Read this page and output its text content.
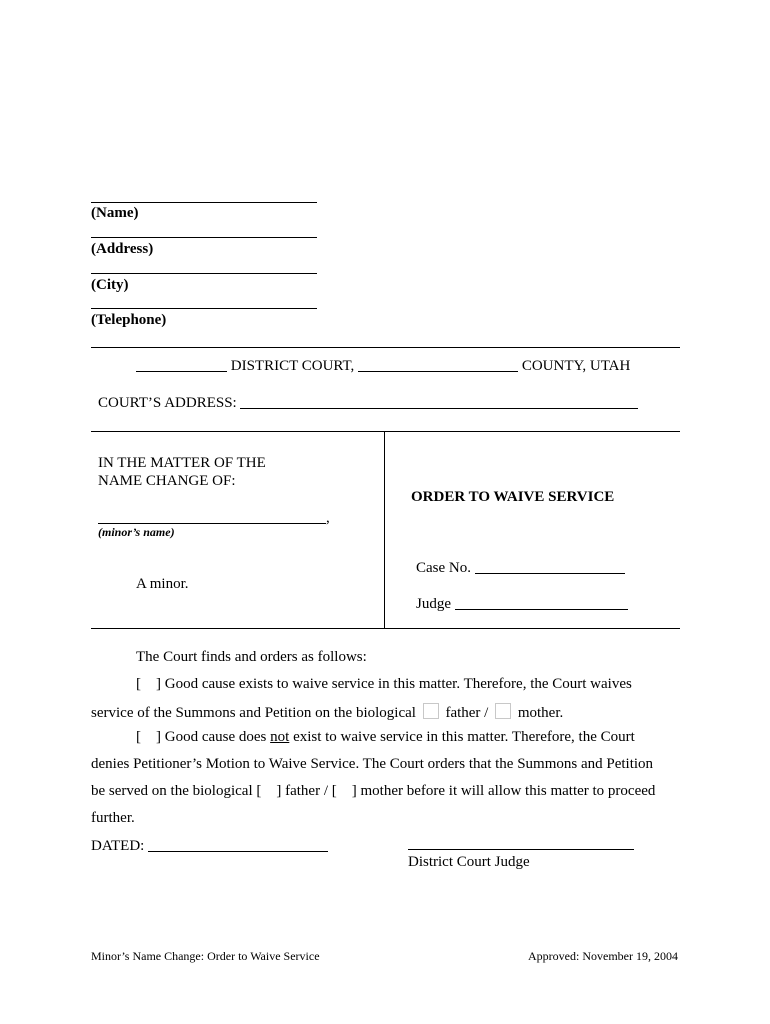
(Name)
(Address)
(City)
(Telephone)
DISTRICT COURT,	COUNTY, UTAH
COURT’S ADDRESS:
IN THE MATTER OF THE
NAME CHANGE OF:
,
(minor’s name)
A minor.
ORDER TO WAIVE SERVICE
Case No.
Judge
The Court finds and orders as follows:
[    ] Good cause exists to waive service in this matter. Therefore, the Court waives
service of the Summons and Petition on the biological father / mother.
[    ] Good cause does not exist to waive service in this matter. Therefore, the Court
denies Petitioner’s Motion to Waive Service. The Court orders that the Summons and Petition
be served on the biological [    ] father / [    ] mother before it will allow this matter to proceed
further.
DATED:
District Court Judge
Minor’s Name Change: Order to Waive Service	Approved: November 19, 2004
